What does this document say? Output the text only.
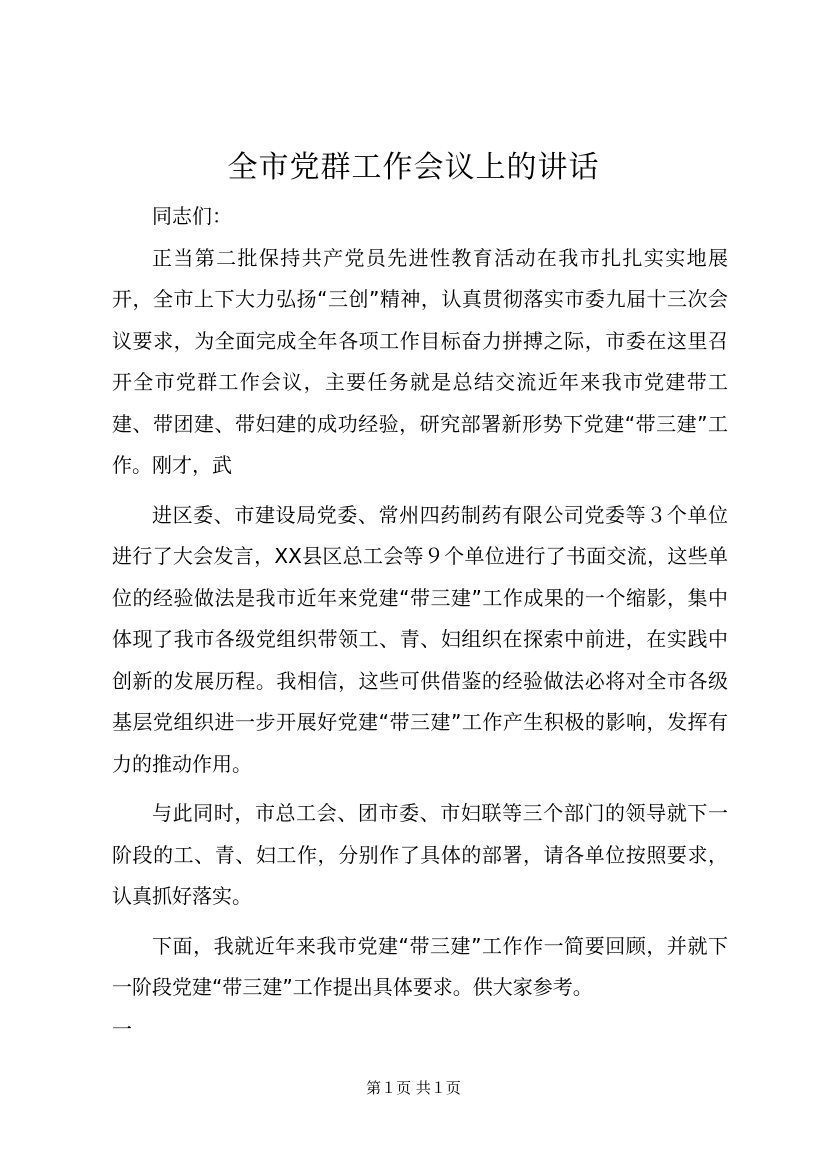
全市党群工作会议上的讲话

同志们：

正当第二批保持共产党员先进性教育活动在我市扎扎实实地展开，全市上下大力弘扬“三创”精神，认真贯彻落实市委九届十三次会议要求，为全面完成全年各项工作目标奋力拼搏之际，市委在这里召开全市党群工作会议，主要任务就是总结交流近年来我市党建带工建、带团建、带妇建的成功经验，研究部署新形势下党建“带三建”工作。刚才，武

进区委、市建设局党委、常州四药制药有限公司党委等３个单位进行了大会发言，XX县区总工会等９个单位进行了书面交流，这些单位的经验做法是我市近年来党建“带三建”工作成果的一个缩影，集中体现了我市各级党组织带领工、青、妇组织在探索中前进，在实践中创新的发展历程。我相信，这些可供借鉴的经验做法必将对全市各级基层党组织进一步开展好党建“带三建”工作产生积极的影响，发挥有力的推动作用。

与此同时，市总工会、团市委、市妇联等三个部门的领导就下一阶段的工、青、妇工作，分别作了具体的部署，请各单位按照要求，认真抓好落实。

下面，我就近年来我市党建“带三建”工作作一简要回顾，并就下一阶段党建“带三建”工作提出具体要求。供大家参考。

一

第１页 共１页
